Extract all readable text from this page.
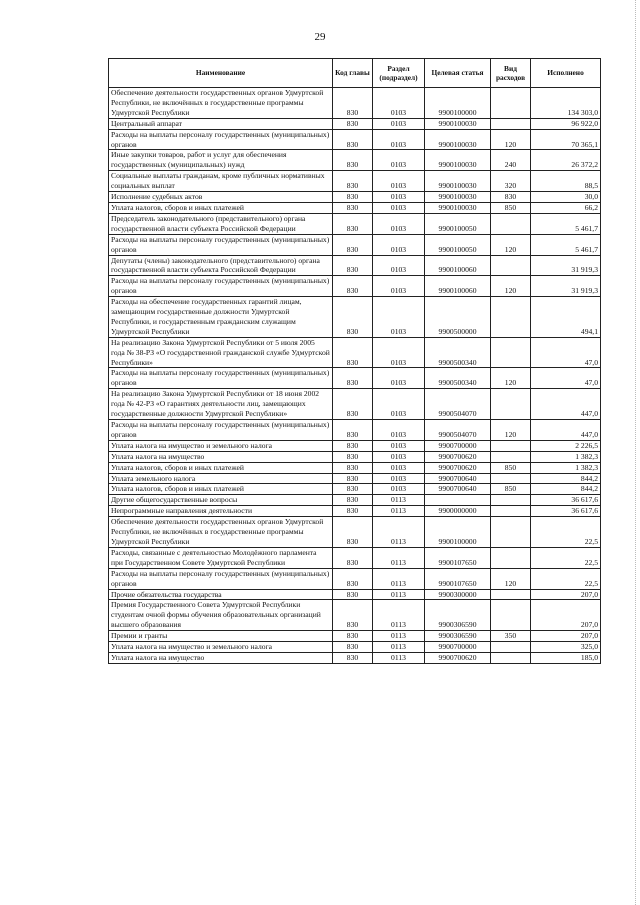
29
Наименование	Код главы	Раздел (подраздел)	Целевая статья	Вид расходов	Исполнено
Обеспечение деятельности государственных органов Удмуртской Республики, не включённых в государственные программы Удмуртской Республики	830	0103	9900100000		134 303,0
Центральный аппарат	830	0103	9900100030		96 922,0
Расходы на выплаты персоналу государственных (муниципальных) органов	830	0103	9900100030	120	70 365,1
Иные закупки товаров, работ и услуг для обеспечения государственных (муниципальных) нужд	830	0103	9900100030	240	26 372,2
Социальные выплаты гражданам, кроме публичных нормативных социальных выплат	830	0103	9900100030	320	88,5
Исполнение судебных актов	830	0103	9900100030	830	30,0
Уплата налогов, сборов и иных платежей	830	0103	9900100030	850	66,2
Председатель законодательного (представительного) органа государственной власти субъекта Российской Федерации	830	0103	9900100050		5 461,7
Расходы на выплаты персоналу государственных (муниципальных) органов	830	0103	9900100050	120	5 461,7
Депутаты (члены) законодательного (представительного) органа государственной власти субъекта Российской Федерации	830	0103	9900100060		31 919,3
Расходы на выплаты персоналу государственных (муниципальных) органов	830	0103	9900100060	120	31 919,3
Расходы на обеспечение государственных гарантий лицам, замещающим государственные должности Удмуртской Республики, и государственным гражданским служащим Удмуртской Республики	830	0103	9900500000		494,1
На реализацию Закона Удмуртской Республики от 5 июля 2005 года № 38-РЗ «О государственной гражданской службе Удмуртской Республики»	830	0103	9900500340		47,0
Расходы на выплаты персоналу государственных (муниципальных) органов	830	0103	9900500340	120	47,0
На реализацию Закона Удмуртской Республики от 18 июня 2002 года № 42-РЗ «О гарантиях деятельности лиц, замещающих государственные должности Удмуртской Республики»	830	0103	9900504070		447,0
Расходы на выплаты персоналу государственных (муниципальных) органов	830	0103	9900504070	120	447,0
Уплата налога на имущество и земельного налога	830	0103	9900700000		2 226,5
Уплата налога на имущество	830	0103	9900700620		1 382,3
Уплата налогов, сборов и иных платежей	830	0103	9900700620	850	1 382,3
Уплата земельного налога	830	0103	9900700640		844,2
Уплата налогов, сборов и иных платежей	830	0103	9900700640	850	844,2
Другие общегосударственные вопросы	830	0113			36 617,6
Непрограммные направления деятельности	830	0113	9900000000		36 617,6
Обеспечение деятельности государственных органов Удмуртской Республики, не включённых в государственные программы Удмуртской Республики	830	0113	9900100000		22,5
Расходы, связанные с деятельностью Молодёжного парламента при Государственном Совете Удмуртской Республики	830	0113	9900107650		22,5
Расходы на выплаты персоналу государственных (муниципальных) органов	830	0113	9900107650	120	22,5
Прочие обязательства государства	830	0113	9900300000		207,0
Премия Государственного Совета Удмуртской Республики студентам очной формы обучения образовательных организаций высшего образования	830	0113	9900306590		207,0
Премии и гранты	830	0113	9900306590	350	207,0
Уплата налога на имущество и земельного налога	830	0113	9900700000		325,0
Уплата налога на имущество	830	0113	9900700620		185,0
